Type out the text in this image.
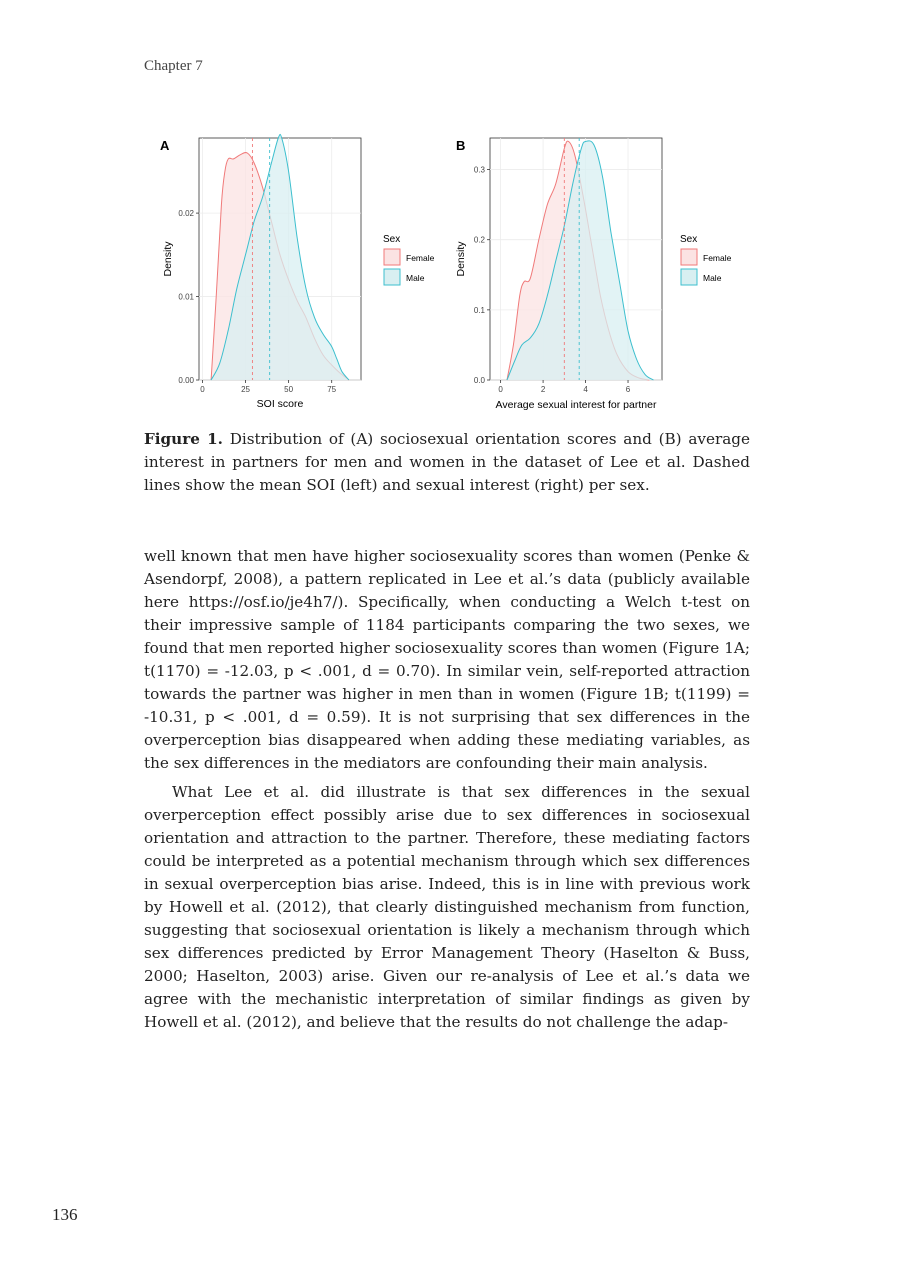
Chapter 7
A
0	25	50	75
0.00
0.01
0.02
SOI score
Density
Sex
Female
Male
B
0	2	4	6
0.0
0.1
0.2
0.3
Average sexual interest for partner
Density
Sex
Female
Male
Figure 1. Distribution of (A) sociosexual orientation scores and (B) average interest in partners for men and women in the dataset of Lee et al. Dashed lines show the mean SOI (left) and sexual interest (right) per sex.

well known that men have higher sociosexuality scores than women (Penke & Asendorpf, 2008), a pattern replicated in Lee et al.’s data (publicly available here https://osf.io/je4h7/). Specifically, when conducting a Welch t-test on their impressive sample of 1184 participants comparing the two sexes, we found that men reported higher sociosexuality scores than women (Figure 1A; t(1170) = -12.03, p < .001, d = 0.70). In similar vein, self-reported attraction towards the partner was higher in men than in women (Figure 1B; t(1199) = -10.31, p < .001, d = 0.59). It is not surprising that sex differences in the overperception bias disappeared when adding these mediating variables, as the sex differences in the mediators are confounding their main analysis.

What Lee et al. did illustrate is that sex differences in the sexual overperception effect possibly arise due to sex differences in sociosexual orientation and attraction to the partner. Therefore, these mediating factors could be interpreted as a potential mechanism through which sex differences in sexual overperception bias arise. Indeed, this is in line with previous work by Howell et al. (2012), that clearly distinguished mechanism from function, suggesting that sociosexual orientation is likely a mechanism through which sex differences predicted by Error Management Theory (Haselton & Buss, 2000; Haselton, 2003) arise. Given our re-analysis of Lee et al.’s data we agree with the mechanistic interpretation of similar findings as given by Howell et al. (2012), and believe that the results do not challenge the adap-

136
